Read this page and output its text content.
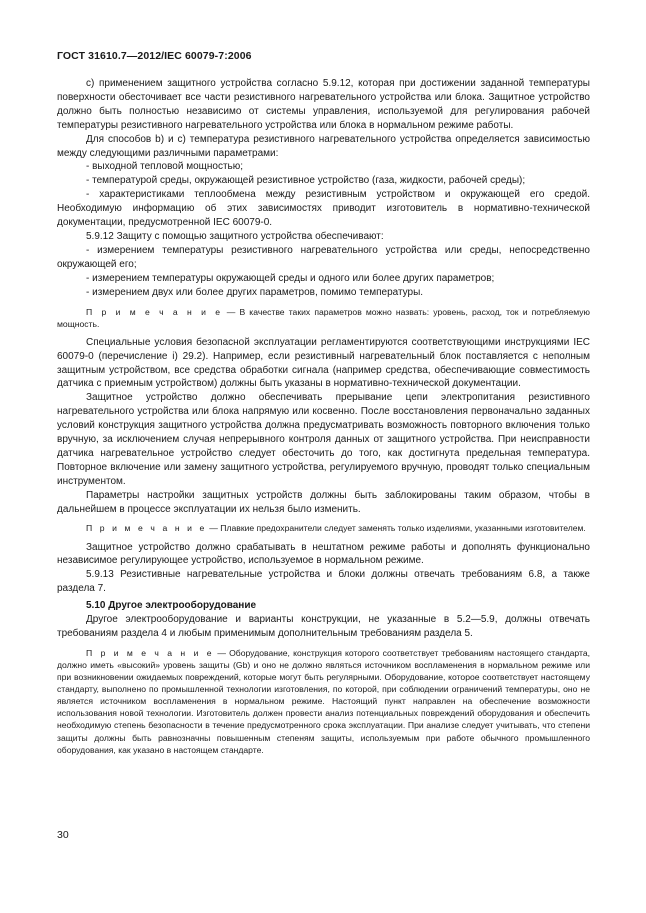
ГОСТ 31610.7—2012/IEC 60079-7:2006

c) применением защитного устройства согласно 5.9.12, которая при достижении заданной температуры поверхности обесточивает все части резистивного нагревательного устройства или блока. Защитное устройство должно быть полностью независимо от системы управления, используемой для регулирования рабочей температуры резистивного нагревательного устройства или блока в нормальном режиме работы.

Для способов b) и c) температура резистивного нагревательного устройства определяется зависимостью между следующими различными параметрами:

- выходной тепловой мощностью;

- температурой среды, окружающей резистивное устройство (газа, жидкости, рабочей среды);

- характеристиками теплообмена между резистивным устройством и окружающей его средой. Необходимую информацию об этих зависимостях приводит изготовитель в нормативно-технической документации, предусмотренной IEC 60079-0.

5.9.12 Защиту с помощью защитного устройства обеспечивают:

- измерением температуры резистивного нагревательного устройства или среды, непосредственно окружающей его;

- измерением температуры окружающей среды и одного или более других параметров;

- измерением двух или более других параметров, помимо температуры.

П р и м е ч а н и е — В качестве таких параметров можно назвать: уровень, расход, ток и потребляемую мощность.

Специальные условия безопасной эксплуатации регламентируются соответствующими инструкциями IEC 60079-0 (перечисление i) 29.2). Например, если резистивный нагревательный блок поставляется с неполным защитным устройством, все средства обработки сигнала (например средства, обеспечивающие совместимость датчика с приемным устройством) должны быть указаны в нормативно-технической документации.

Защитное устройство должно обеспечивать прерывание цепи электропитания резистивного нагревательного устройства или блока напрямую или косвенно. После восстановления первоначально заданных условий конструкция защитного устройства должна предусматривать возможность повторного включения только вручную, за исключением случая непрерывного контроля данных от защитного устройства. При неисправности датчика нагревательное устройство следует обесточить до того, как достигнута предельная температура. Повторное включение или замену защитного устройства, регулируемого вручную, проводят только специальным инструментом.

Параметры настройки защитных устройств должны быть заблокированы таким образом, чтобы в дальнейшем в процессе эксплуатации их нельзя было изменить.

П р и м е ч а н и е — Плавкие предохранители следует заменять только изделиями, указанными изготовителем.

Защитное устройство должно срабатывать в нештатном режиме работы и дополнять функционально независимое регулирующее устройство, используемое в нормальном режиме.

5.9.13 Резистивные нагревательные устройства и блоки должны отвечать требованиям 6.8, а также раздела 7.

5.10 Другое электрооборудование

Другое электрооборудование и варианты конструкции, не указанные в 5.2—5.9, должны отвечать требованиям раздела 4 и любым применимым дополнительным требованиям раздела 5.

П р и м е ч а н и е — Оборудование, конструкция которого соответствует требованиям настоящего стандарта, должно иметь «высокий» уровень защиты (Gb) и оно не должно являться источником воспламенения в нормальном режиме или при возникновении ожидаемых повреждений, которые могут быть регулярными. Оборудование, которое соответствует настоящему стандарту, выполнено по промышленной технологии изготовления, по которой, при соблюдении ограничений температуры, оно не является источником воспламенения в нормальном режиме. Настоящий пункт направлен на обеспечение возможности использования новой технологии. Изготовитель должен провести анализ потенциальных повреждений оборудования и обеспечить необходимую степень безопасности в течение предусмотренного срока эксплуатации. При анализе следует учитывать, что степени защиты должны быть равнозначны повышенным степеням защиты, используемым при работе обычного промышленного оборудования, как указано в настоящем стандарте.

30
